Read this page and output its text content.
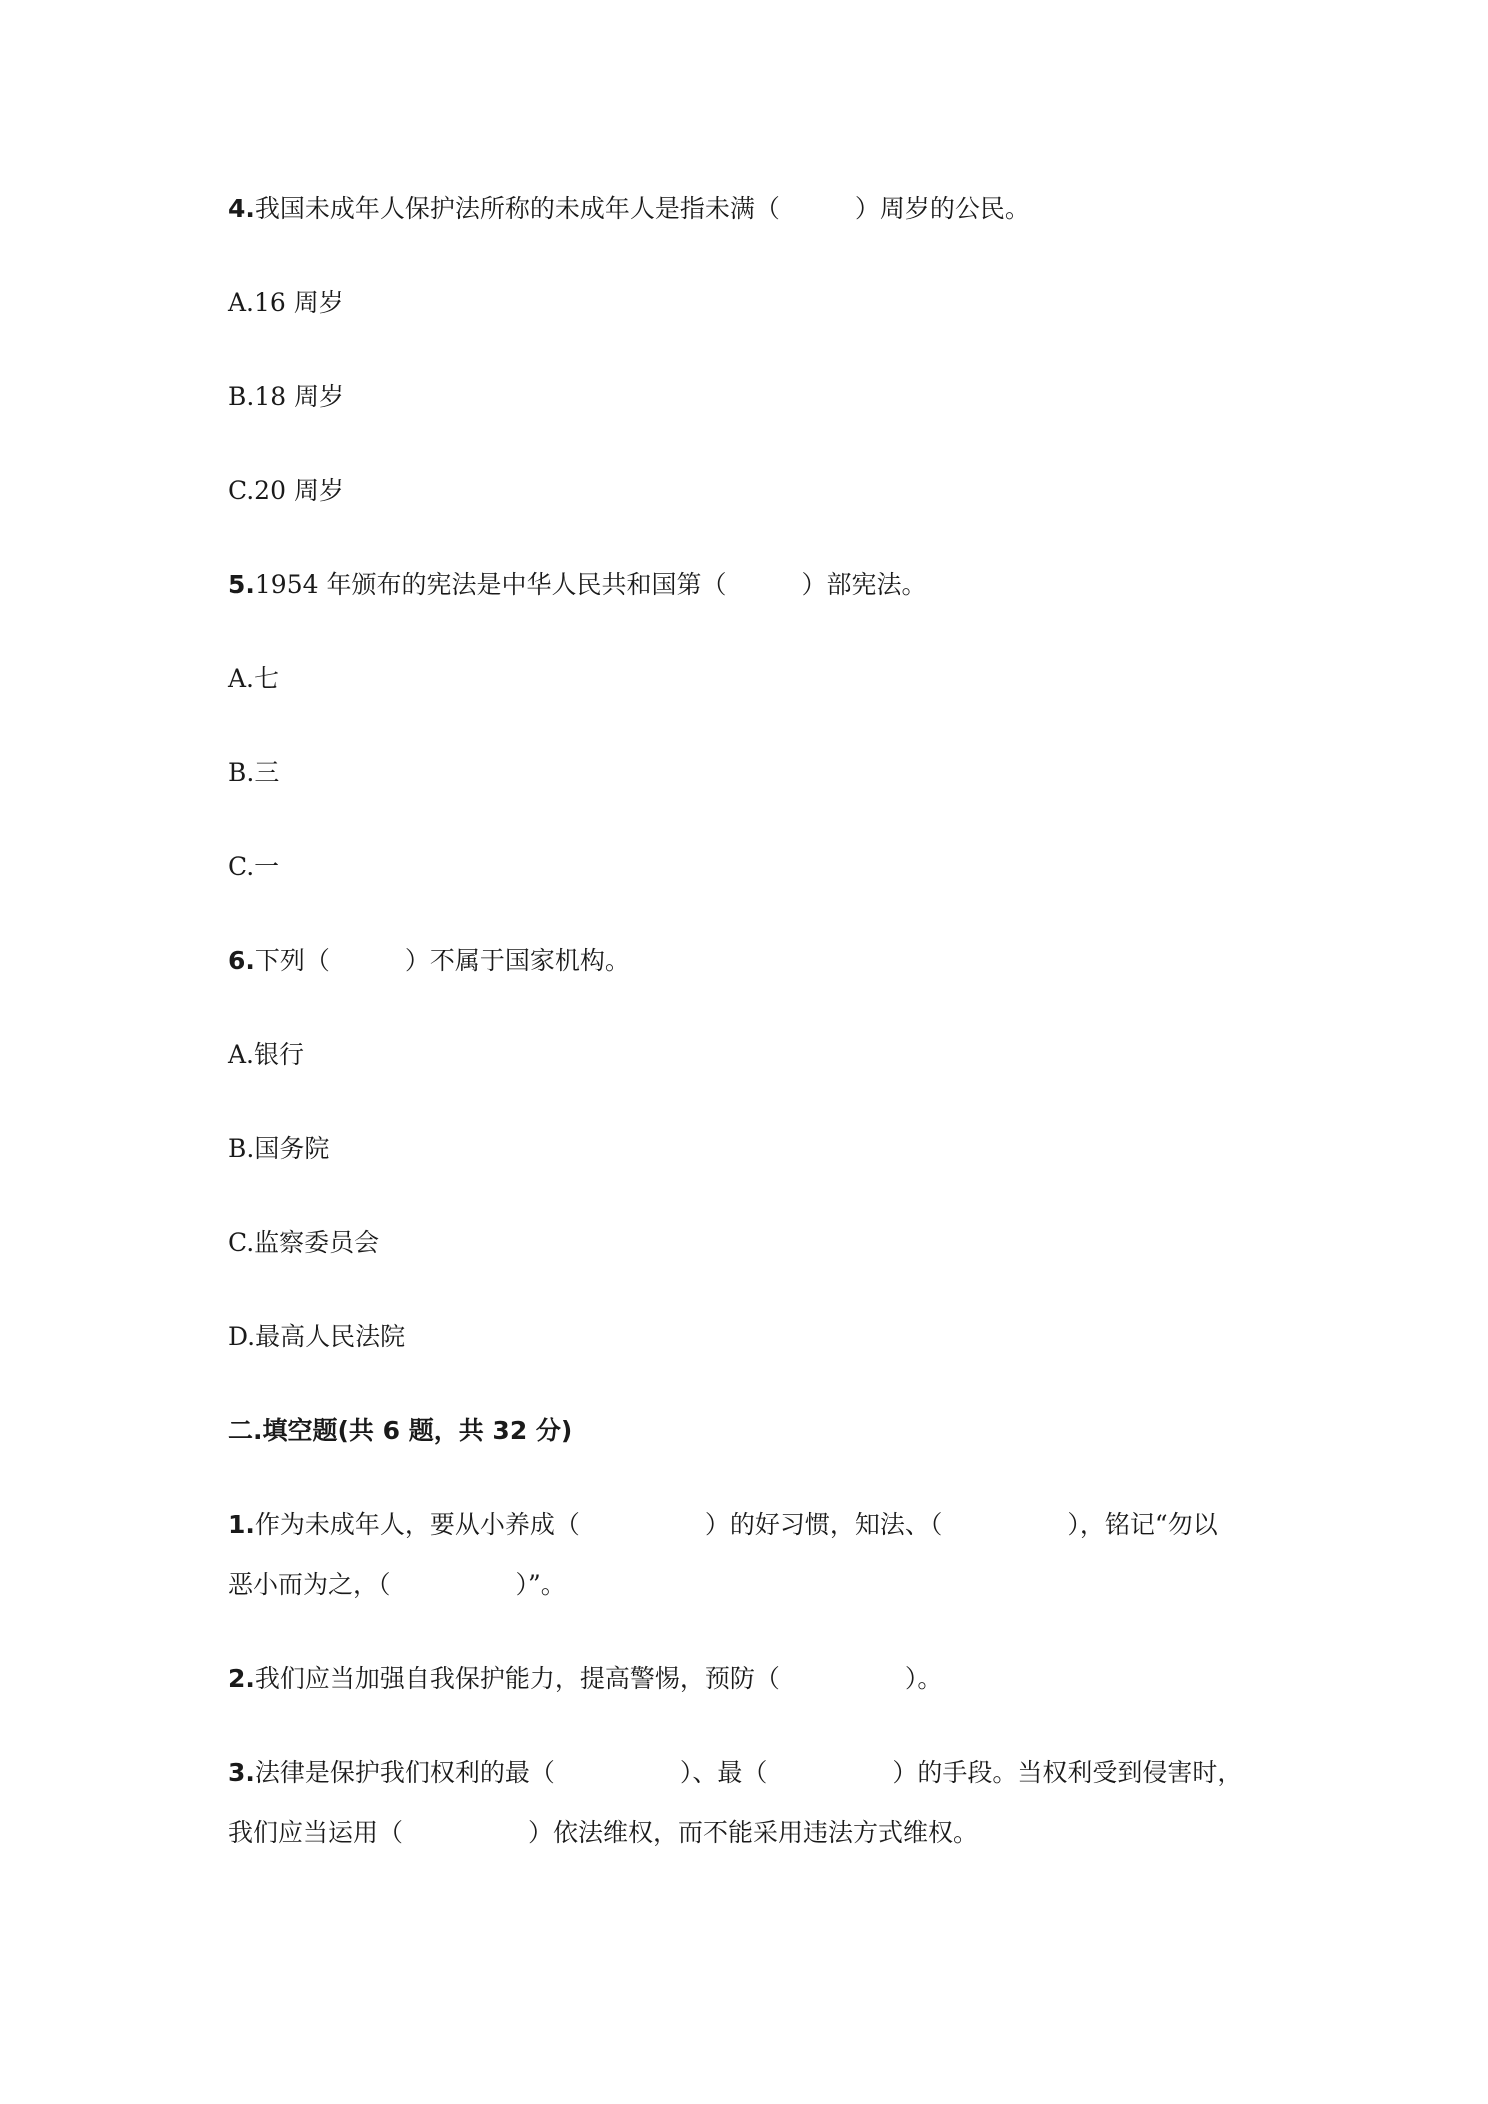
4.我国未成年人保护法所称的未成年人是指未满（　　　）周岁的公民。
A.16 周岁
B.18 周岁
C.20 周岁
5.1954 年颁布的宪法是中华人民共和国第（　　　）部宪法。
A.七
B.三
C.一
6.下列（　　　）不属于国家机构。
A.银行
B.国务院
C.监察委员会
D.最高人民法院
二.填空题(共 6 题，共 32 分)
1.作为未成年人，要从小养成（　　　　　）的好习惯，知法、（　　　　　），铭记“勿以
恶小而为之，（　　　　　）”。
2.我们应当加强自我保护能力，提高警惕，预防（　　　　　）。
3.法律是保护我们权利的最（　　　　　）、最（　　　　　）的手段。当权利受到侵害时，
我们应当运用（　　　　　）依法维权，而不能采用违法方式维权。
